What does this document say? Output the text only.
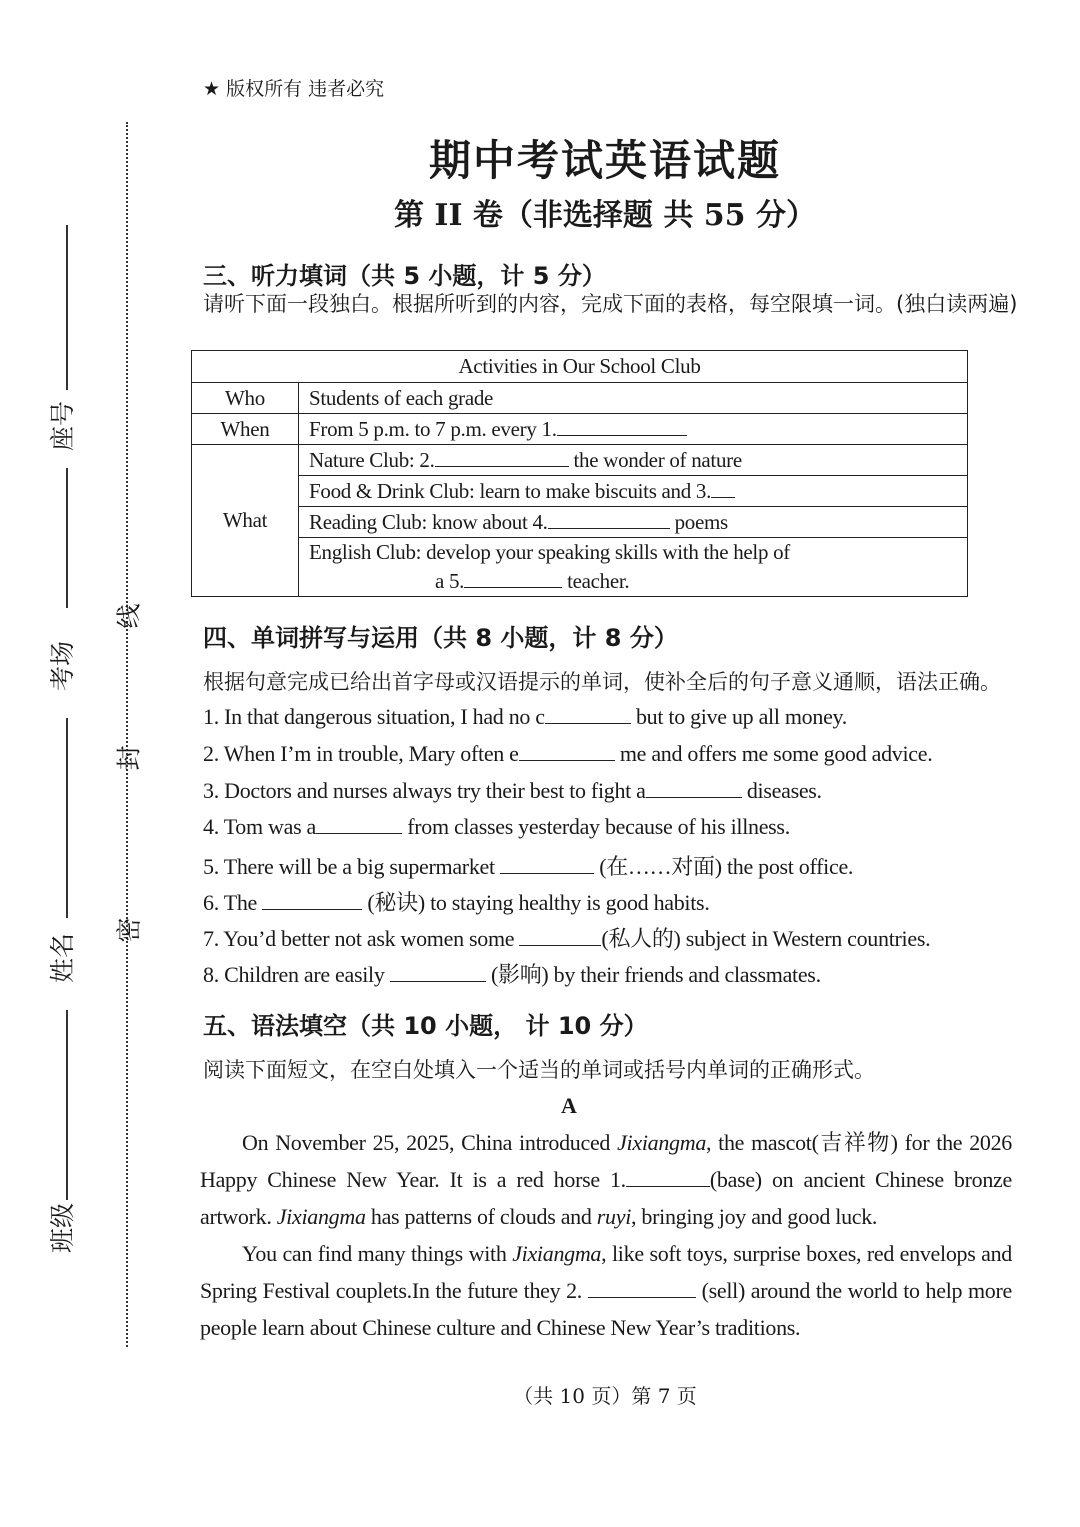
座号
考场
姓名
班级
线
封
密
★ 版权所有 违者必究
期中考试英语试题
第 II 卷（非选择题 共 55 分）
三、听力填词（共 5 小题，计 5 分）
请听下面一段独白。根据所听到的内容，完成下面的表格，每空限填一词。(独白读两遍)
Activities in Our School Club	
Who	Students of each grade
When	From 5 p.m. to 7 p.m. every 1.
What	Nature Club: 2. the wonder of nature
	Food & Drink Club: learn to make biscuits and 3.
	Reading Club: know about 4. poems

	English Club: develop your speaking skills with the help of
a 5. teacher.
四、单词拼写与运用（共 8 小题，计 8 分）
根据句意完成已给出首字母或汉语提示的单词，使补全后的句子意义通顺，语法正确。
1. In that dangerous situation, I had no c	but to give up all money.
2. When I’m in trouble, Mary often e	me and offers me some good advice.
3. Doctors and nurses always try their best to fight a	diseases.
4. Tom was a	from classes yesterday because of his illness.
5. There will be a big supermarket	(在……对面) the post office.
6. The	(秘诀) to staying healthy is good habits.
7. You’d better not ask women some	(私人的) subject in Western countries.
8. Children are easily	(影响) by their friends and classmates.
五、语法填空（共 10 小题， 计 10 分）
阅读下面短文，在空白处填入一个适当的单词或括号内单词的正确形式。
A

On November 25, 2025, China introduced Jixiangma, the mascot(吉祥物) for the 2026 Happy Chinese New Year. It is a red horse 1.	(base) on ancient Chinese bronze artwork. Jixiangma has patterns of clouds and ruyi, bringing joy and good luck.

You can find many things with Jixiangma, like soft toys, surprise boxes, red envelops and Spring Festival couplets.In the future they 2.	(sell) around the world to help more people learn about Chinese culture and Chinese New Year’s traditions.

（共 10 页）第 7 页
